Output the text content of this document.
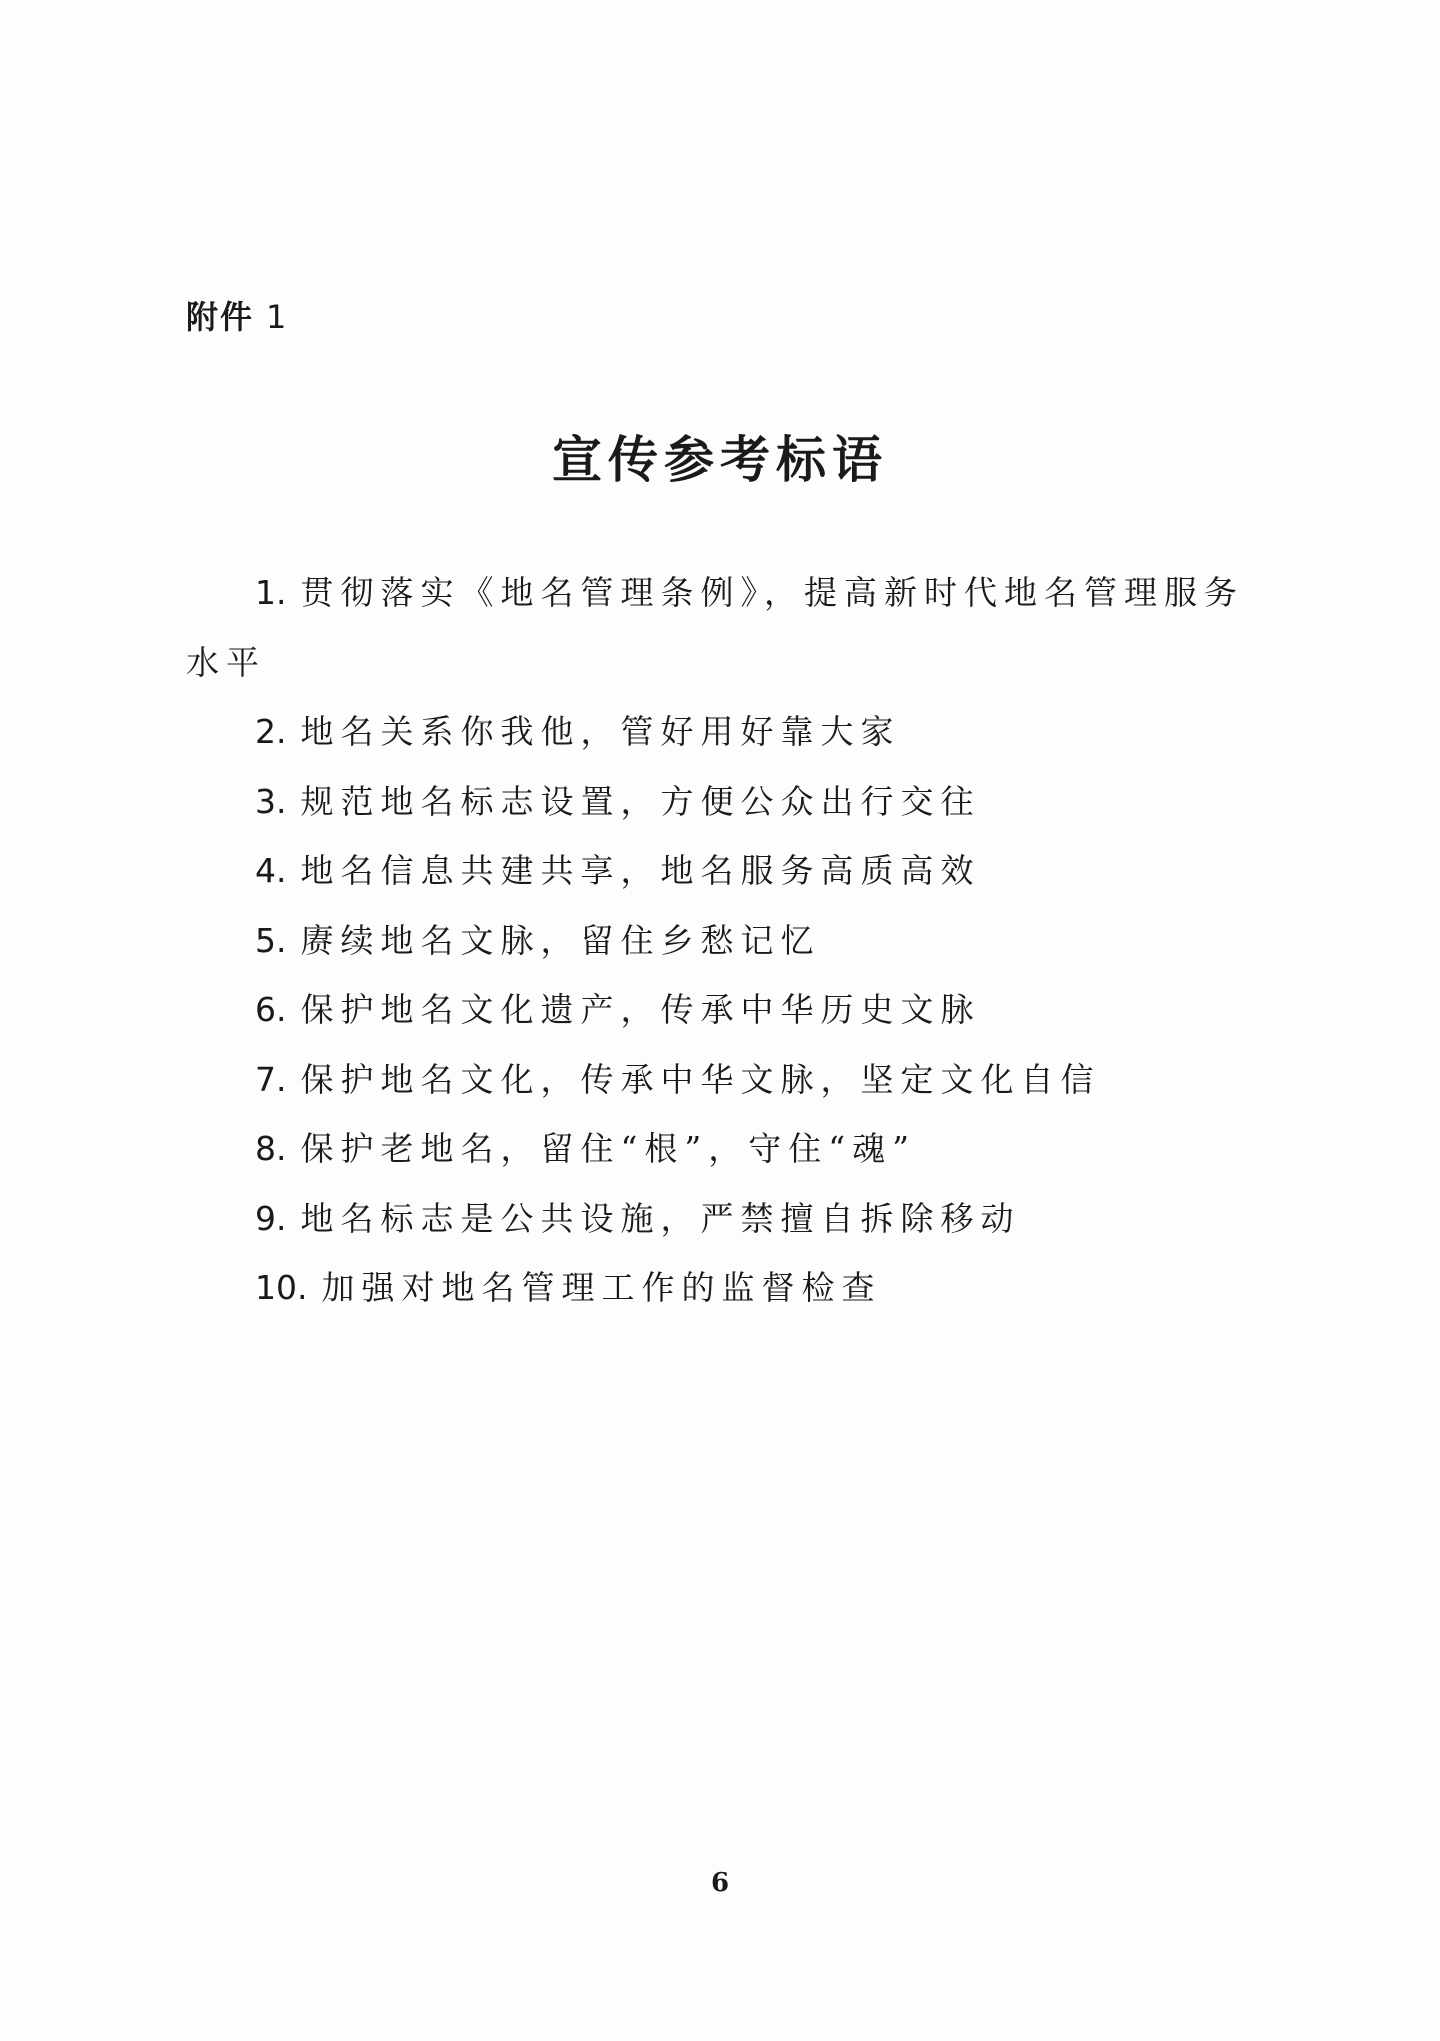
附件 1
宣传参考标语
1. 贯彻落实《地名管理条例》，提高新时代地名管理服务水平
2. 地名关系你我他，管好用好靠大家
3. 规范地名标志设置，方便公众出行交往
4. 地名信息共建共享，地名服务高质高效
5. 赓续地名文脉，留住乡愁记忆
6. 保护地名文化遗产，传承中华历史文脉
7. 保护地名文化，传承中华文脉，坚定文化自信
8. 保护老地名，留住“根”，守住“魂”
9. 地名标志是公共设施，严禁擅自拆除移动
10. 加强对地名管理工作的监督检查
6
